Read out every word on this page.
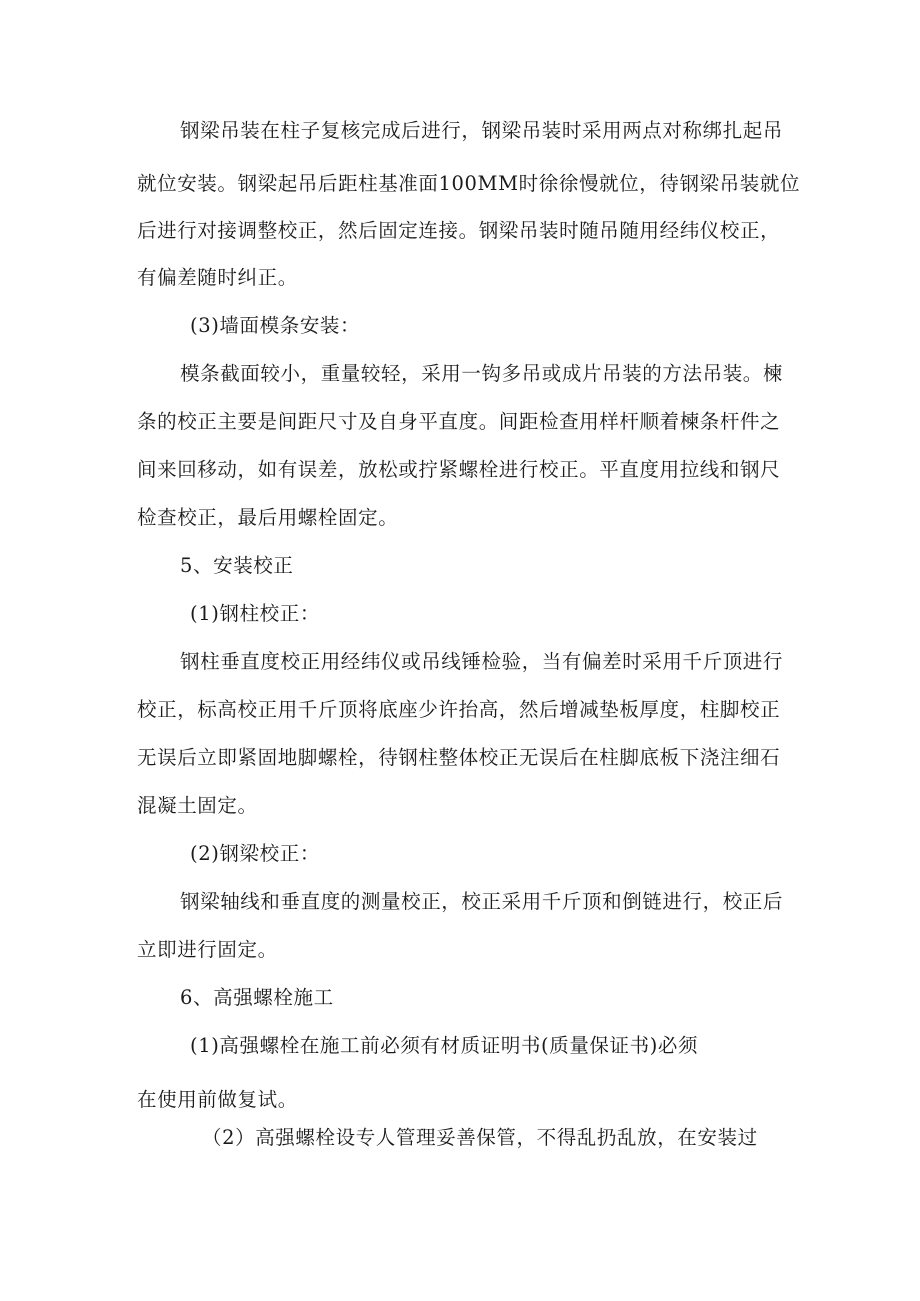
钢梁吊装在柱子复核完成后进行，钢梁吊装时采用两点对称绑扎起吊
就位安装。钢梁起吊后距柱基准面100MM时徐徐慢就位，待钢梁吊装就位
后进行对接调整校正，然后固定连接。钢梁吊装时随吊随用经纬仪校正，
有偏差随时纠正。
(3)墙面模条安装：
模条截面较小，重量较轻，采用一钩多吊或成片吊装的方法吊装。楝
条的校正主要是间距尺寸及自身平直度。间距检查用样杆顺着楝条杆件之
间来回移动，如有误差，放松或拧紧螺栓进行校正。平直度用拉线和钢尺
检查校正，最后用螺栓固定。
5、安装校正
(1)钢柱校正：
钢柱垂直度校正用经纬仪或吊线锤检验，当有偏差时采用千斤顶进行
校正，标高校正用千斤顶将底座少许抬高，然后增减垫板厚度，柱脚校正
无误后立即紧固地脚螺栓，待钢柱整体校正无误后在柱脚底板下浇注细石
混凝土固定。
(2)钢梁校正：
钢梁轴线和垂直度的测量校正，校正采用千斤顶和倒链进行，校正后
立即进行固定。
6、高强螺栓施工
(1)高强螺栓在施工前必须有材质证明书(质量保证书)必须
在使用前做复试。
（2）高强螺栓设专人管理妥善保管，不得乱扔乱放，在安装过
